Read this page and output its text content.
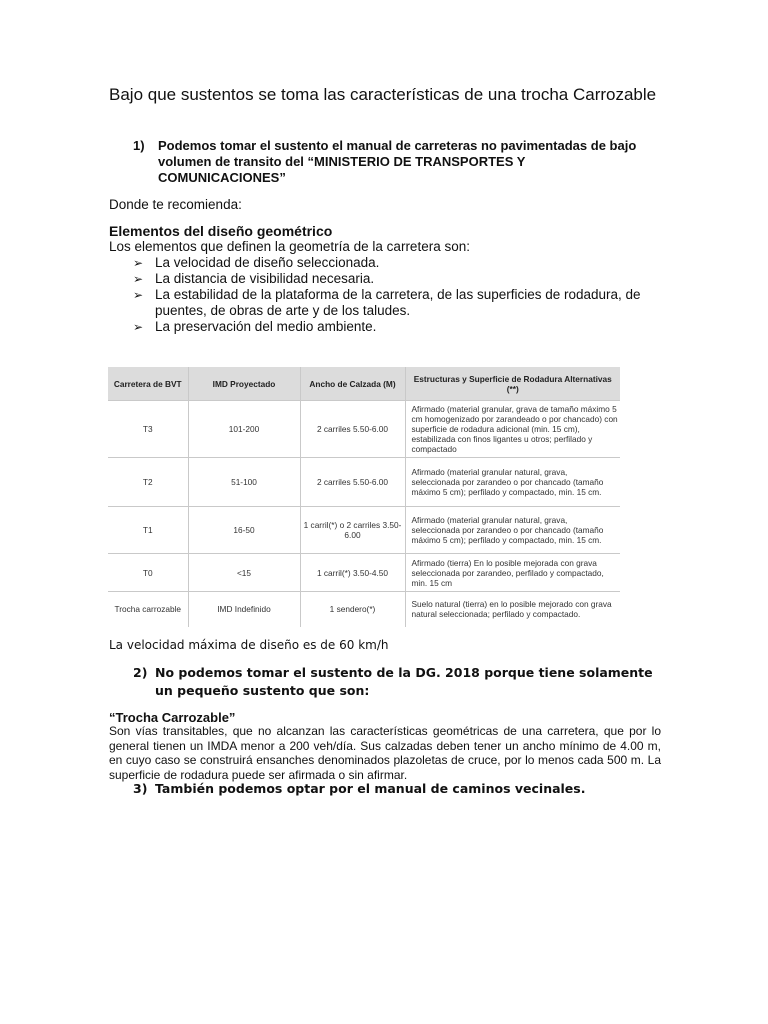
Bajo que sustentos se toma las características de una trocha Carrozable
1) Podemos tomar el sustento el manual de carreteras no pavimentadas de bajo volumen de transito del “MINISTERIO DE TRANSPORTES Y COMUNICACIONES”
Donde te recomienda:
Elementos del diseño geométrico
Los elementos que definen la geometría de la carretera son:
➢ La velocidad de diseño seleccionada.
➢ La distancia de visibilidad necesaria.
➢ La estabilidad de la plataforma de la carretera, de las superficies de rodadura, de puentes, de obras de arte y de los taludes.
➢ La preservación del medio ambiente.
Carretera de BVT	IMD Proyectado	Ancho de Calzada (M)	Estructuras y Superficie de Rodadura Alternativas (**)
T3	101-200	2 carriles 5.50-6.00	Afirmado (material granular, grava de tamaño máximo 5 cm homogenizado por zarandeado o por chancado) con superficie de rodadura adicional (min. 15 cm), estabilizada con finos ligantes u otros; perfilado y compactado
T2	51-100	2 carriles 5.50-6.00	Afirmado (material granular natural, grava, seleccionada por zarandeo o por chancado (tamaño máximo 5 cm); perfilado y compactado, min. 15 cm.
T1	16-50	1 carril(*) o 2 carriles 3.50-6.00	Afirmado (material granular natural, grava, seleccionada por zarandeo o por chancado (tamaño máximo 5 cm); perfilado y compactado, min. 15 cm.
T0	<15	1 carril(*) 3.50-4.50	Afirmado (tierra) En lo posible mejorada con grava seleccionada por zarandeo, perfilado y compactado, min. 15 cm
Trocha carrozable	IMD Indefinido	1 sendero(*)	Suelo natural (tierra) en lo posible mejorado con grava natural seleccionada; perfilado y compactado.
La velocidad máxima de diseño es de 60 km/h
2) No podemos tomar el sustento de la DG. 2018 porque tiene solamente un pequeño sustento que son:
“Trocha Carrozable”
Son vías transitables, que no alcanzan las características geométricas de una carretera, que por lo general tienen un IMDA menor a 200 veh/día. Sus calzadas deben tener un ancho mínimo de 4.00 m, en cuyo caso se construirá ensanches denominados plazoletas de cruce, por lo menos cada 500 m. La superficie de rodadura puede ser afirmada o sin afirmar.
3) También podemos optar por el manual de caminos vecinales.
